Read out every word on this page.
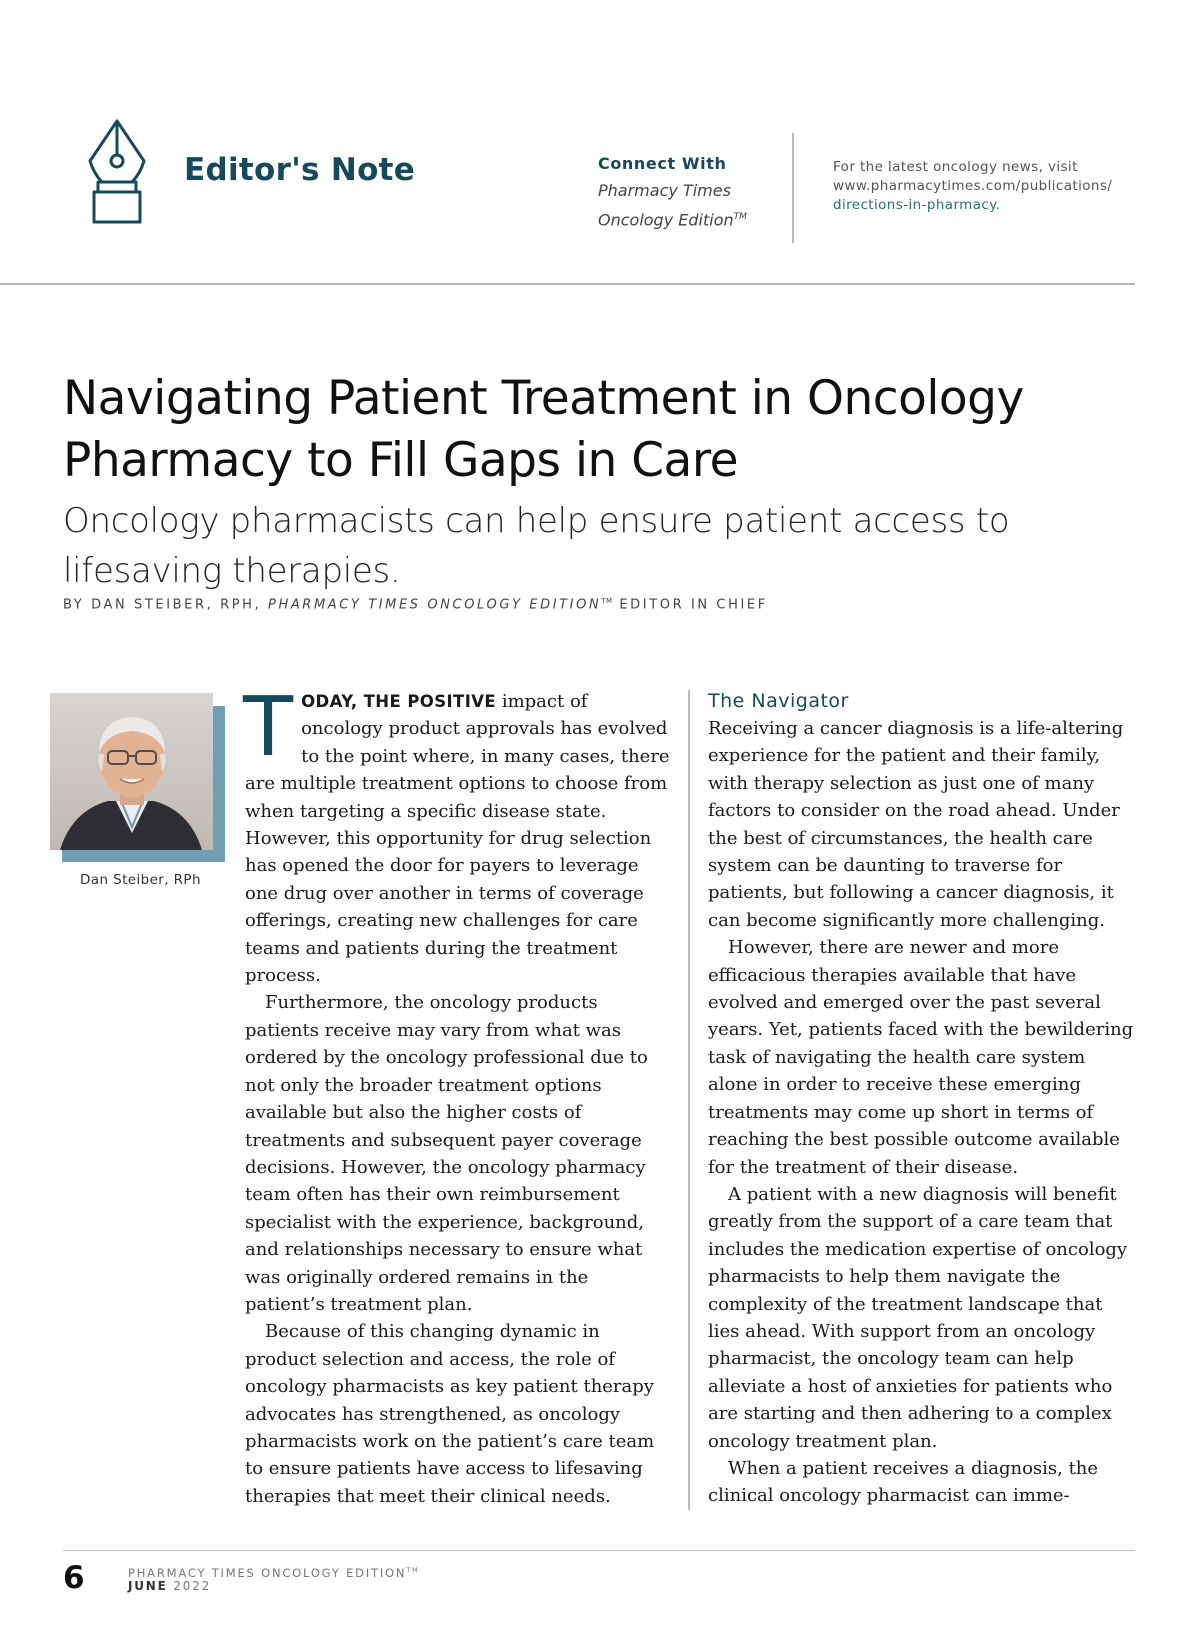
Editor's Note	Connect With
Pharmacy Times
Oncology Edition™
For the latest oncology news, visit
www.pharmacytimes.com/publications/
directions-in-pharmacy.
Navigating Patient Treatment in Oncology Pharmacy to Fill Gaps in Care
Oncology pharmacists can help ensure patient access to lifesaving therapies.
BY DAN STEIBER, RPH, PHARMACY TIMES ONCOLOGY EDITION™ EDITOR IN CHIEF
Dan Steiber, RPh

TODAY, THE POSITIVE impact of oncology product approvals has evolved to the point where, in many cases, there are multiple treatment options to choose from when targeting a specific disease state. However, this opportunity for drug selection has opened the door for payers to leverage one drug over another in terms of coverage offerings, creating new challenges for care teams and patients during the treatment process.

Furthermore, the oncology products patients receive may vary from what was ordered by the oncology professional due to not only the broader treatment options available but also the higher costs of treatments and subsequent payer coverage decisions. However, the oncology pharmacy team often has their own reimbursement specialist with the experience, background, and relationships necessary to ensure what was originally ordered remains in the patient’s treatment plan.

Because of this changing dynamic in product selection and access, the role of oncology pharmacists as key patient therapy advocates has strengthened, as oncology pharmacists work on the patient’s care team to ensure patients have access to lifesaving therapies that meet their clinical needs.

The Navigator

Receiving a cancer diagnosis is a life-altering experience for the patient and their family, with therapy selection as just one of many factors to consider on the road ahead. Under the best of circumstances, the health care system can be daunting to traverse for patients, but following a cancer diagnosis, it can become significantly more challenging.

However, there are newer and more efficacious therapies available that have evolved and emerged over the past several years. Yet, patients faced with the bewildering task of navigating the health care system alone in order to receive these emerging treatments may come up short in terms of reaching the best possible outcome available for the treatment of their disease.

A patient with a new diagnosis will benefit greatly from the support of a care team that includes the medication expertise of oncology pharmacists to help them navigate the complexity of the treatment landscape that lies ahead. With support from an oncology pharmacist, the oncology team can help alleviate a host of anxieties for patients who are starting and then adhering to a complex oncology treatment plan.

When a patient receives a diagnosis, the clinical oncology pharmacist can imme-

6	PHARMACY TIMES ONCOLOGY EDITION™
JUNE 2022
